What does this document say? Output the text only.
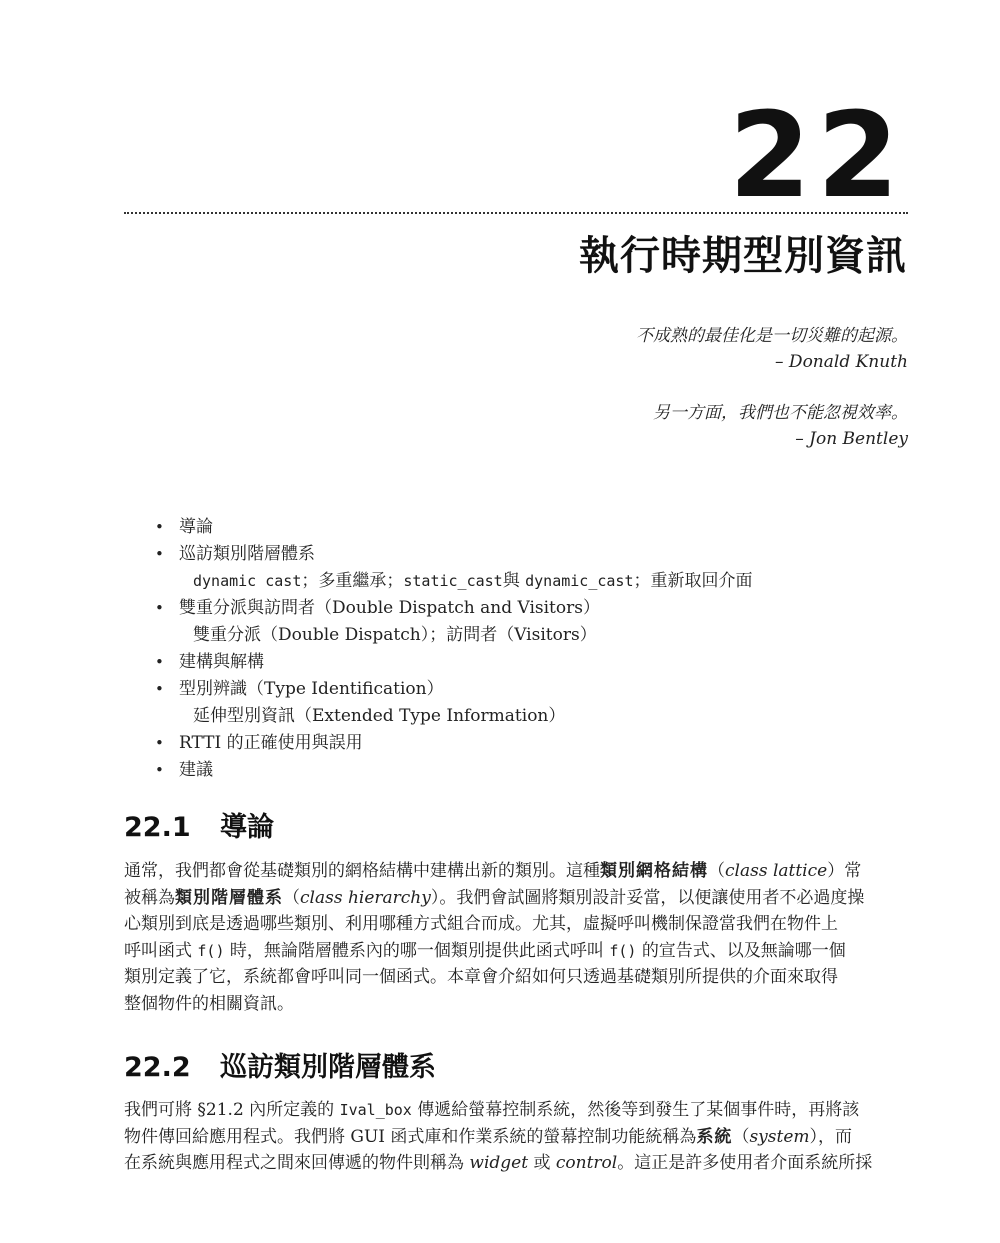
22
執行時期型別資訊
不成熟的最佳化是一切災難的起源。
– Donald Knuth
另一方面，我們也不能忽視效率。
– Jon Bentley
• 導論
• 巡訪類別階層體系
dynamic cast；多重繼承；static_cast與 dynamic_cast；重新取回介面
• 雙重分派與訪問者（Double Dispatch and Visitors）
雙重分派（Double Dispatch）；訪問者（Visitors）
• 建構與解構
• 型別辨識（Type Identification）
延伸型別資訊（Extended Type Information）
• RTTI 的正確使用與誤用
• 建議
22.1 導論
通常，我們都會從基礎類別的網格結構中建構出新的類別。這種類別網格結構（class lattice）常
被稱為類別階層體系（class hierarchy）。我們會試圖將類別設計妥當，以便讓使用者不必過度操
心類別到底是透過哪些類別、利用哪種方式組合而成。尤其，虛擬呼叫機制保證當我們在物件上
呼叫函式 f() 時，無論階層體系內的哪一個類別提供此函式呼叫 f() 的宣告式、以及無論哪一個
類別定義了它，系統都會呼叫同一個函式。本章會介紹如何只透過基礎類別所提供的介面來取得
整個物件的相關資訊。
22.2 巡訪類別階層體系
我們可將 §21.2 內所定義的 Ival_box 傳遞給螢幕控制系統，然後等到發生了某個事件時，再將該
物件傳回給應用程式。我們將 GUI 函式庫和作業系統的螢幕控制功能統稱為系統（system），而
在系統與應用程式之間來回傳遞的物件則稱為 widget 或 control。這正是許多使用者介面系統所採
